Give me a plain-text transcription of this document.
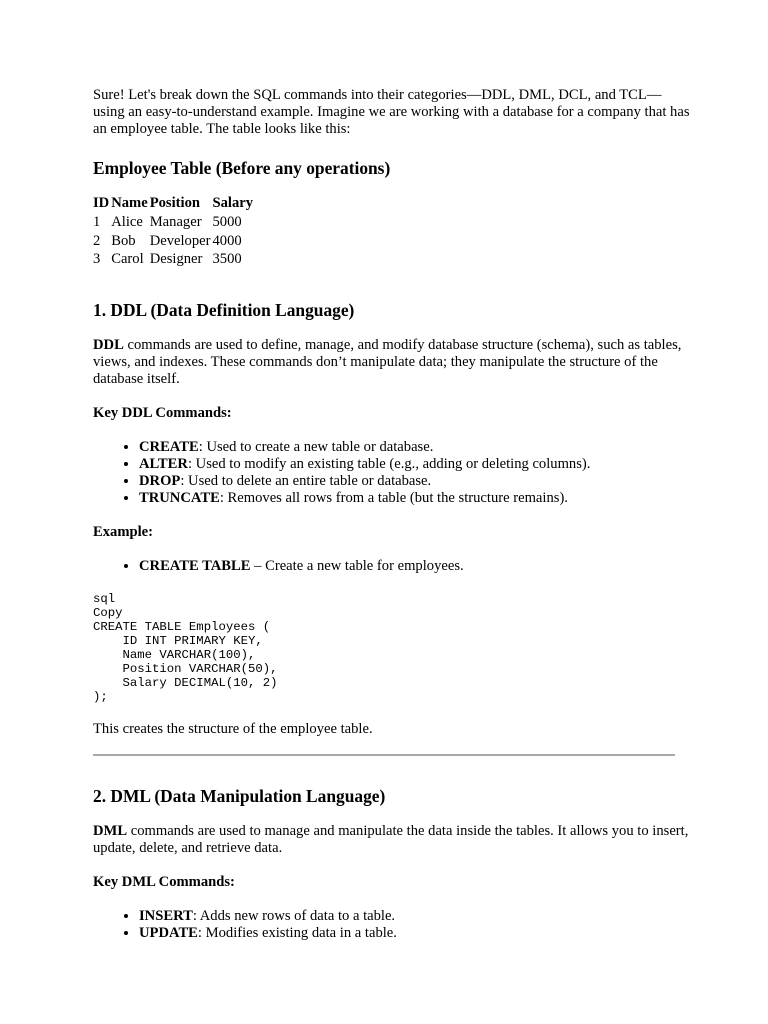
Sure! Let's break down the SQL commands into their categories—DDL, DML, DCL, and TCL—using an easy-to-understand example. Imagine we are working with a database for a company that has an employee table. The table looks like this:

Employee Table (Before any operations)
ID	Name	Position	Salary
1	Alice	Manager	5000
2	Bob	Developer	4000
3	Carol	Designer	3500
1. DDL (Data Definition Language)

DDL commands are used to define, manage, and modify database structure (schema), such as tables, views, and indexes. These commands don’t manipulate data; they manipulate the structure of the database itself.

Key DDL Commands:

• CREATE: Used to create a new table or database.
• ALTER: Used to modify an existing table (e.g., adding or deleting columns).
• DROP: Used to delete an entire table or database.
• TRUNCATE: Removes all rows from a table (but the structure remains).

Example:

• CREATE TABLE – Create a new table for employees.
sql
Copy
CREATE TABLE Employees (
ID INT PRIMARY KEY,
Name VARCHAR(100),
Position VARCHAR(50),
Salary DECIMAL(10, 2)
);

This creates the structure of the employee table.

2. DML (Data Manipulation Language)

DML commands are used to manage and manipulate the data inside the tables. It allows you to insert, update, delete, and retrieve data.

Key DML Commands:

• INSERT: Adds new rows of data to a table.
• UPDATE: Modifies existing data in a table.
